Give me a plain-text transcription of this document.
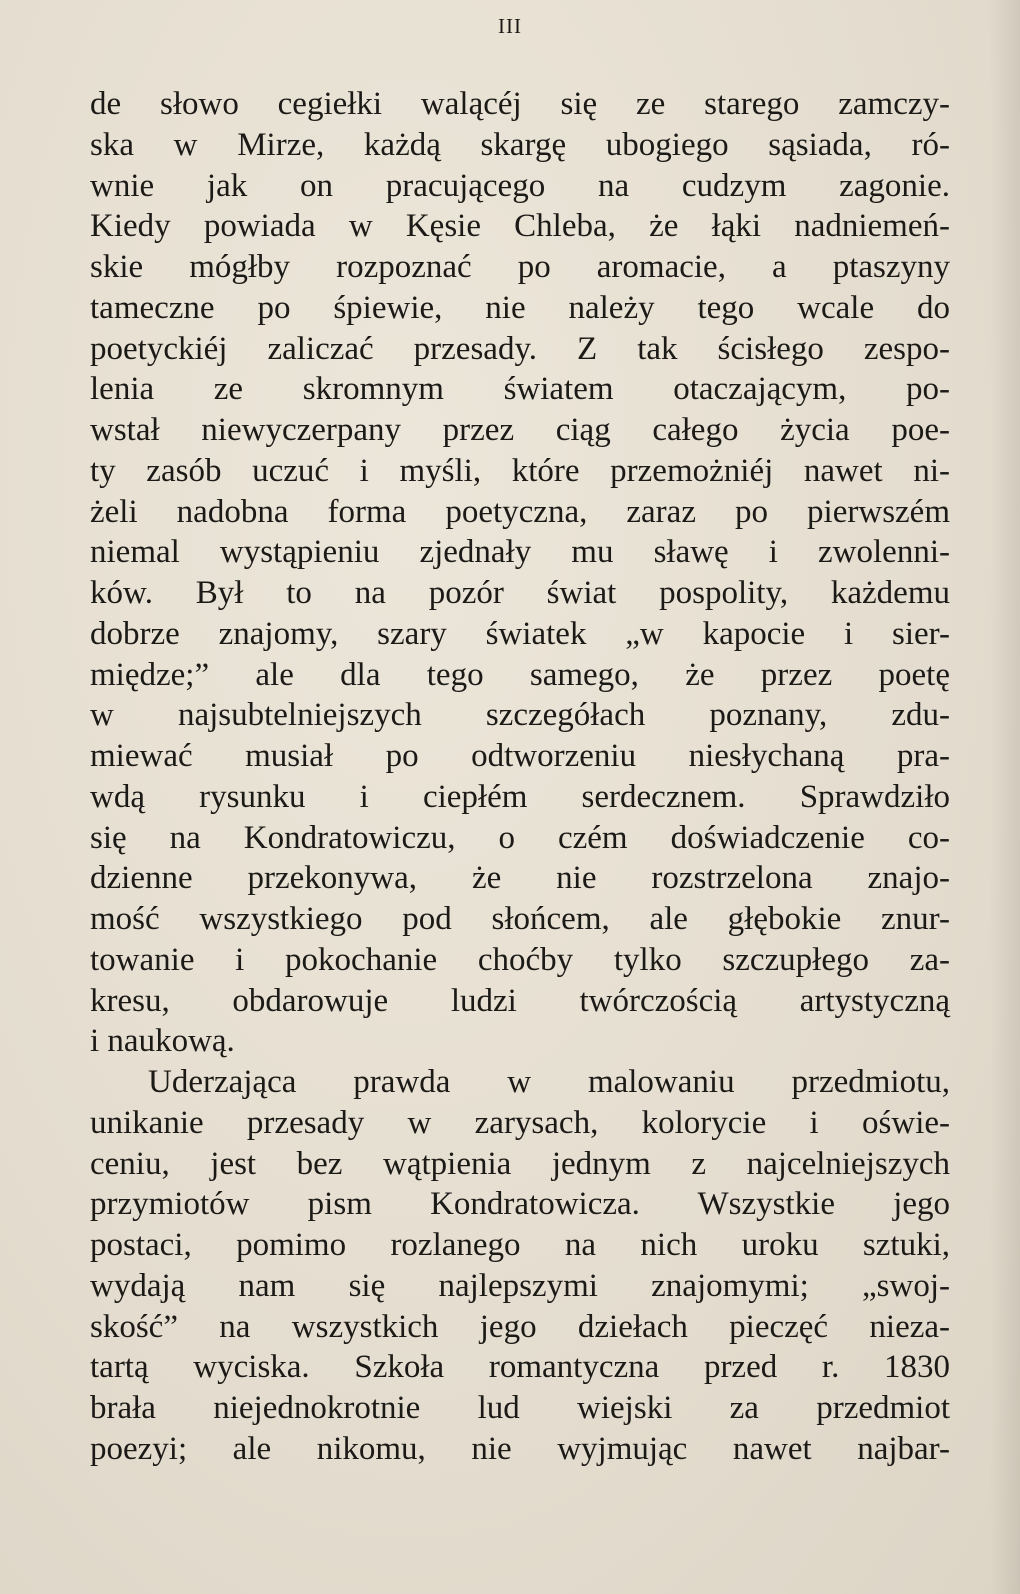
III
de słowo cegiełki walącéj się ze starego zamczy-
ska w Mirze, każdą skargę ubogiego sąsiada, ró-
wnie jak on pracującego na cudzym zagonie.
Kiedy powiada w Kęsie Chleba, że łąki nadniemeń-
skie mógłby rozpoznać po aromacie, a ptaszyny
tameczne po śpiewie, nie należy tego wcale do
poetyckiéj zaliczać przesady. Z tak ścisłego zespo-
lenia ze skromnym światem otaczającym, po-
wstał niewyczerpany przez ciąg całego życia poe-
ty zasób uczuć i myśli, które przemożniéj nawet ni-
żeli nadobna forma poetyczna, zaraz po pierwszém
niemal wystąpieniu zjednały mu sławę i zwolenni-
ków. Był to na pozór świat pospolity, każdemu
dobrze znajomy, szary światek „w kapocie i sier-
międze;” ale dla tego samego, że przez poetę
w najsubtelniejszych szczegółach poznany, zdu-
miewać musiał po odtworzeniu niesłychaną pra-
wdą rysunku i ciepłém serdecznem. Sprawdziło
się na Kondratowiczu, o czém doświadczenie co-
dzienne przekonywa, że nie rozstrzelona znajo-
mość wszystkiego pod słońcem, ale głębokie znur-
towanie i pokochanie choćby tylko szczupłego za-
kresu, obdarowuje ludzi twórczością artystyczną
i naukową.
Uderzająca prawda w malowaniu przedmiotu,
unikanie przesady w zarysach, kolorycie i oświe-
ceniu, jest bez wątpienia jednym z najcelniejszych
przymiotów pism Kondratowicza. Wszystkie jego
postaci, pomimo rozlanego na nich uroku sztuki,
wydają nam się najlepszymi znajomymi; „swoj-
skość” na wszystkich jego dziełach pieczęć nieza-
tartą wyciska. Szkoła romantyczna przed r. 1830
brała niejednokrotnie lud wiejski za przedmiot
poezyi; ale nikomu, nie wyjmując nawet najbar-
